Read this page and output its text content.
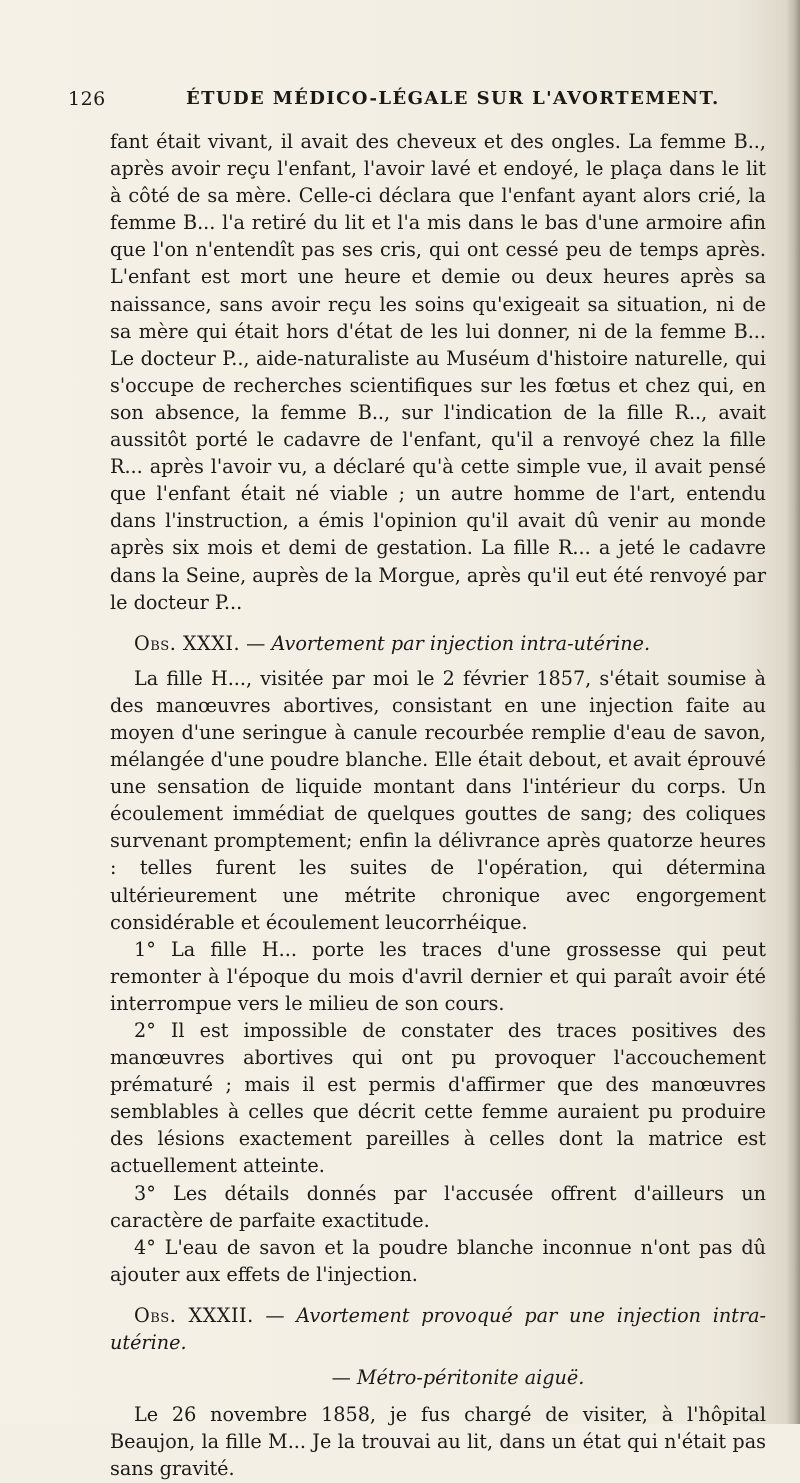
126	ÉTUDE MÉDICO-LÉGALE SUR L'AVORTEMENT.

fant était vivant, il avait des cheveux et des ongles. La femme B.., après avoir reçu l'enfant, l'avoir lavé et endoyé, le plaça dans le lit à côté de sa mère. Celle-ci déclara que l'enfant ayant alors crié, la femme B... l'a retiré du lit et l'a mis dans le bas d'une armoire afin que l'on n'entendît pas ses cris, qui ont cessé peu de temps après. L'enfant est mort une heure et demie ou deux heures après sa naissance, sans avoir reçu les soins qu'exigeait sa situation, ni de sa mère qui était hors d'état de les lui donner, ni de la femme B... Le docteur P.., aide-naturaliste au Muséum d'histoire naturelle, qui s'occupe de recherches scientifiques sur les fœtus et chez qui, en son absence, la femme B.., sur l'indication de la fille R.., avait aussitôt porté le cadavre de l'enfant, qu'il a renvoyé chez la fille R... après l'avoir vu, a déclaré qu'à cette simple vue, il avait pensé que l'enfant était né viable ; un autre homme de l'art, entendu dans l'instruction, a émis l'opinion qu'il avait dû venir au monde après six mois et demi de gestation. La fille R... a jeté le cadavre dans la Seine, auprès de la Morgue, après qu'il eut été renvoyé par le docteur P...

Obs. XXXI. — Avortement par injection intra-utérine.

La fille H..., visitée par moi le 2 février 1857, s'était soumise à des manœuvres abortives, consistant en une injection faite au moyen d'une seringue à canule recourbée remplie d'eau de savon, mélangée d'une poudre blanche. Elle était debout, et avait éprouvé une sensation de liquide montant dans l'intérieur du corps. Un écoulement immédiat de quelques gouttes de sang; des coliques survenant promptement; enfin la délivrance après quatorze heures : telles furent les suites de l'opération, qui détermina ultérieurement une métrite chronique avec engorgement considérable et écoulement leucorrhéique.

1° La fille H... porte les traces d'une grossesse qui peut remonter à l'époque du mois d'avril dernier et qui paraît avoir été interrompue vers le milieu de son cours.

2° Il est impossible de constater des traces positives des manœuvres abortives qui ont pu provoquer l'accouchement prématuré ; mais il est permis d'affirmer que des manœuvres semblables à celles que décrit cette femme auraient pu produire des lésions exactement pareilles à celles dont la matrice est actuellement atteinte.

3° Les détails donnés par l'accusée offrent d'ailleurs un caractère de parfaite exactitude.

4° L'eau de savon et la poudre blanche inconnue n'ont pas dû ajouter aux effets de l'injection.

Obs. XXXII. — Avortement provoqué par une injection intra-utérine.

— Métro-péritonite aiguë.

Le 26 novembre 1858, je fus chargé de visiter, à l'hôpital Beaujon, la fille M... Je la trouvai au lit, dans un état qui n'était pas sans gravité.
